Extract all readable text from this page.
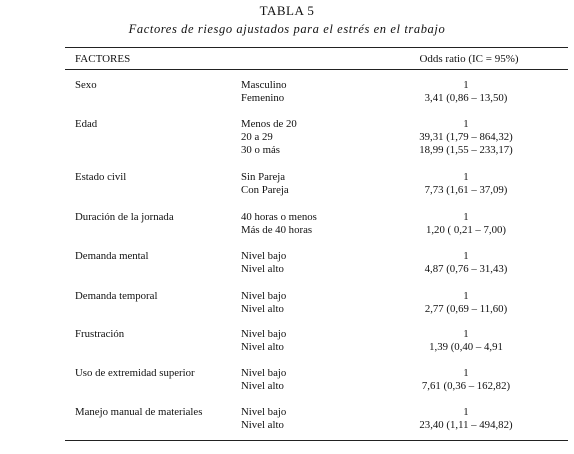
TABLA 5
Factores de riesgo ajustados para el estrés en el trabajo
FACTORES	Odds ratio (IC = 95%)
Sexo	Masculino	1
Femenino	3,41 (0,86 – 13,50)
Edad	Menos de 20	1
20 a 29	39,31 (1,79 – 864,32)
30 o más	18,99 (1,55 – 233,17)
Estado civil	Sin Pareja	1
Con Pareja	7,73 (1,61 – 37,09)
Duración de la jornada	40 horas o menos	1
Más de 40 horas	1,20 ( 0,21 – 7,00)
Demanda mental	Nivel bajo	1
Nivel alto	4,87 (0,76 – 31,43)
Demanda temporal	Nivel bajo	1
Nivel alto	2,77 (0,69 – 11,60)
Frustración	Nivel bajo	1
Nivel alto	1,39 (0,40 – 4,91
Uso de extremidad superior	Nivel bajo	1
Nivel alto	7,61 (0,36 – 162,82)
Manejo manual de materiales	Nivel bajo	1
Nivel alto	23,40 (1,11 – 494,82)
